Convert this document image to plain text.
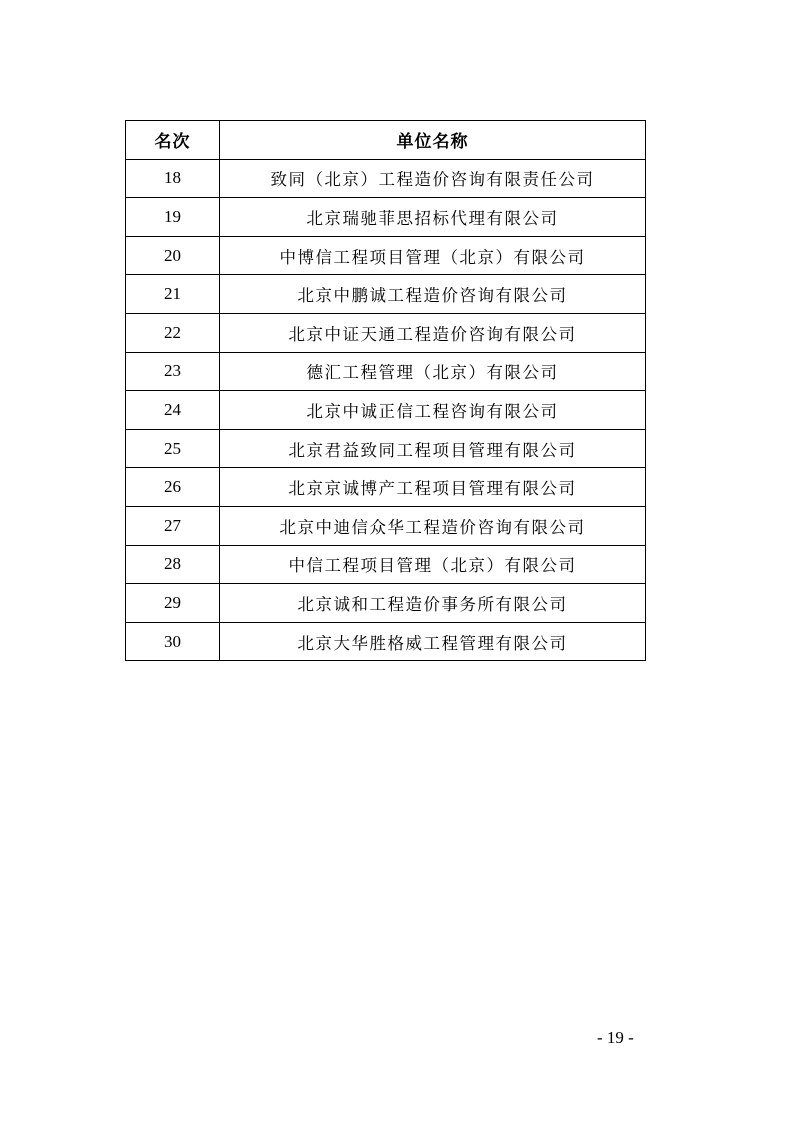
名次	单位名称
18	致同（北京）工程造价咨询有限责任公司
19	北京瑞驰菲思招标代理有限公司
20	中博信工程项目管理（北京）有限公司
21	北京中鹏诚工程造价咨询有限公司
22	北京中证天通工程造价咨询有限公司
23	德汇工程管理（北京）有限公司
24	北京中诚正信工程咨询有限公司
25	北京君益致同工程项目管理有限公司
26	北京京诚博产工程项目管理有限公司
27	北京中迪信众华工程造价咨询有限公司
28	中信工程项目管理（北京）有限公司
29	北京诚和工程造价事务所有限公司
30	北京大华胜格威工程管理有限公司
- 19 -
